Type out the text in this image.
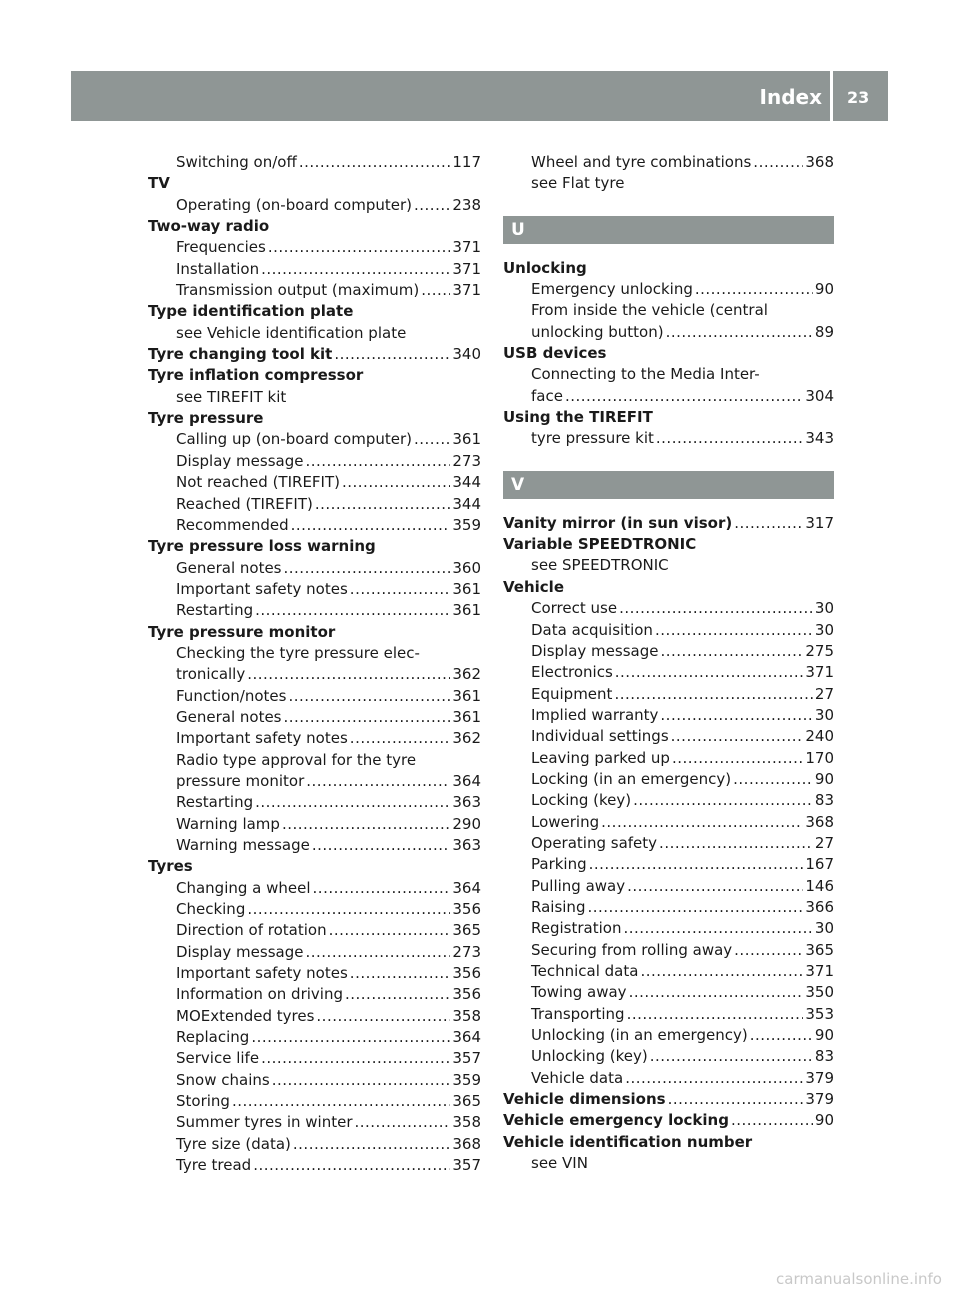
Index 23
Switching on/off .....	117
TV
Operating (on-board computer) .....	238
Two-way radio
Frequencies .....	371
Installation .....	371
Transmission output (maximum) ..... 371
Type identification plate
see Vehicle identification plate
Tyre changing tool kit .....	340
Tyre inflation compressor
see TIREFIT kit
Tyre pressure
Calling up (on-board computer) .....	361
Display message .....	273
Not reached (TIREFIT) .....	344
Reached (TIREFIT) .....	344
Recommended .....	359
Tyre pressure loss warning
General notes .....	360
Important safety notes .....	361
Restarting .....	361
Tyre pressure monitor
Checking the tyre pressure elec-
tronically .....	362
Function/notes .....	361
General notes .....	361
Important safety notes .....	362
Radio type approval for the tyre
pressure monitor .....	364
Restarting .....	363
Warning lamp .....	290
Warning message .....	363
Tyres
Changing a wheel .....	364
Checking .....	356
Direction of rotation .....	365
Display message .....	273
Important safety notes .....	356
Information on driving .....	356
MOExtended tyres .....	358
Replacing .....	364
Service life .....	357
Snow chains .....	359
Storing .....	365
Summer tyres in winter .....	358
Tyre size (data) .....	368
Tyre tread .....	357
Wheel and tyre combinations .....	368
see Flat tyre
U
Unlocking
Emergency unlocking .....	90
From inside the vehicle (central
unlocking button) .....	89
USB devices
Connecting to the Media Inter-
face .....	304
Using the TIREFIT
tyre pressure kit .....	343
V
Vanity mirror (in sun visor) .....	317
Variable SPEEDTRONIC
see SPEEDTRONIC
Vehicle
Correct use .....	30
Data acquisition .....	30
Display message .....	275
Electronics .....	371
Equipment .....	27
Implied warranty .....	30
Individual settings .....	240
Leaving parked up .....	170
Locking (in an emergency) .....	90
Locking (key) .....	83
Lowering .....	368
Operating safety .....	27
Parking .....	167
Pulling away .....	146
Raising .....	366
Registration .....	30
Securing from rolling away .....	365
Technical data .....	371
Towing away .....	350
Transporting .....	353
Unlocking (in an emergency) .....	90
Unlocking (key) .....	83
Vehicle data .....	379
Vehicle dimensions .....	379
Vehicle emergency locking .....	90
Vehicle identification number
see VIN
carmanualsonline.info
